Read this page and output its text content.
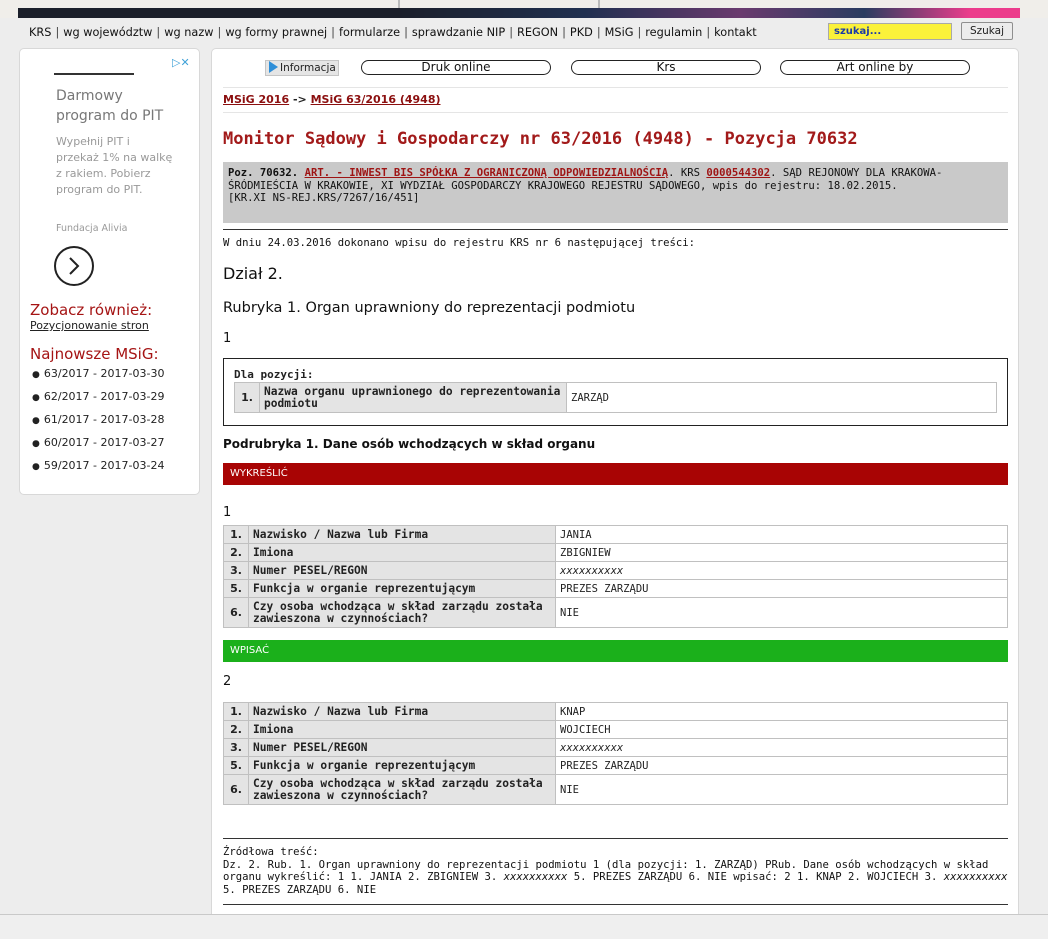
KRS | wg województw | wg nazw | wg formy prawnej | formularze | sprawdzanie NIP | REGON | PKD | MSiG | regulamin | kontakt
szukaj...	Szukaj
▷✕
Darmowy program do PIT
Wypełnij PIT i przekaż 1% na walkę z rakiem. Pobierz program do PIT.
Fundacja Alivia
Zobacz również:
Pozycjonowanie stron
Najnowsze MSiG:
● 63/2017 - 2017-03-30
● 62/2017 - 2017-03-29
● 61/2017 - 2017-03-28
● 60/2017 - 2017-03-27
● 59/2017 - 2017-03-24
Informacja	Druk online	Krs	Art online by
MSiG 2016 -> MSiG 63/2016 (4948)
Monitor Sądowy i Gospodarczy nr 63/2016 (4948) - Pozycja 70632
Poz. 70632. ART. - INWEST BIS SPÓŁKA Z OGRANICZONĄ ODPOWIEDZIALNOŚCIĄ. KRS 0000544302. SĄD REJONOWY DLA KRAKOWA-ŚRÓDMIEŚCIA W KRAKOWIE, XI WYDZIAŁ GOSPODARCZY KRAJOWEGO REJESTRU SĄDOWEGO, wpis do rejestru: 18.02.2015.
[KR.XI NS-REJ.KRS/7267/16/451]
W dniu 24.03.2016 dokonano wpisu do rejestru KRS nr 6 następującej treści:
Dział 2.
Rubryka 1. Organ uprawniony do reprezentacji podmiotu
1
Dla pozycji:
1.	Nazwa organu uprawnionego do reprezentowania podmiotu	ZARZĄD
Podrubryka 1. Dane osób wchodzących w skład organu
WYKREŚLIĆ
1
1.	Nazwisko / Nazwa lub Firma	JANIA
2.	Imiona	ZBIGNIEW
3.	Numer PESEL/REGON	xxxxxxxxxx
5.	Funkcja w organie reprezentującym	PREZES ZARZĄDU
6.	Czy osoba wchodząca w skład zarządu została zawieszona w czynnościach?	NIE
WPISAĆ
2
1.	Nazwisko / Nazwa lub Firma	KNAP
2.	Imiona	WOJCIECH
3.	Numer PESEL/REGON	xxxxxxxxxx
5.	Funkcja w organie reprezentującym	PREZES ZARZĄDU
6.	Czy osoba wchodząca w skład zarządu została zawieszona w czynnościach?	NIE
Źródłowa treść:
Dz. 2. Rub. 1. Organ uprawniony do reprezentacji podmiotu 1 (dla pozycji: 1. ZARZĄD) PRub. Dane osób wchodzących w skład organu wykreślić: 1 1. JANIA 2. ZBIGNIEW 3. xxxxxxxxxx 5. PREZES ZARZĄDU 6. NIE wpisać: 2 1. KNAP 2. WOJCIECH 3. xxxxxxxxxx 5. PREZES ZARZĄDU 6. NIE
